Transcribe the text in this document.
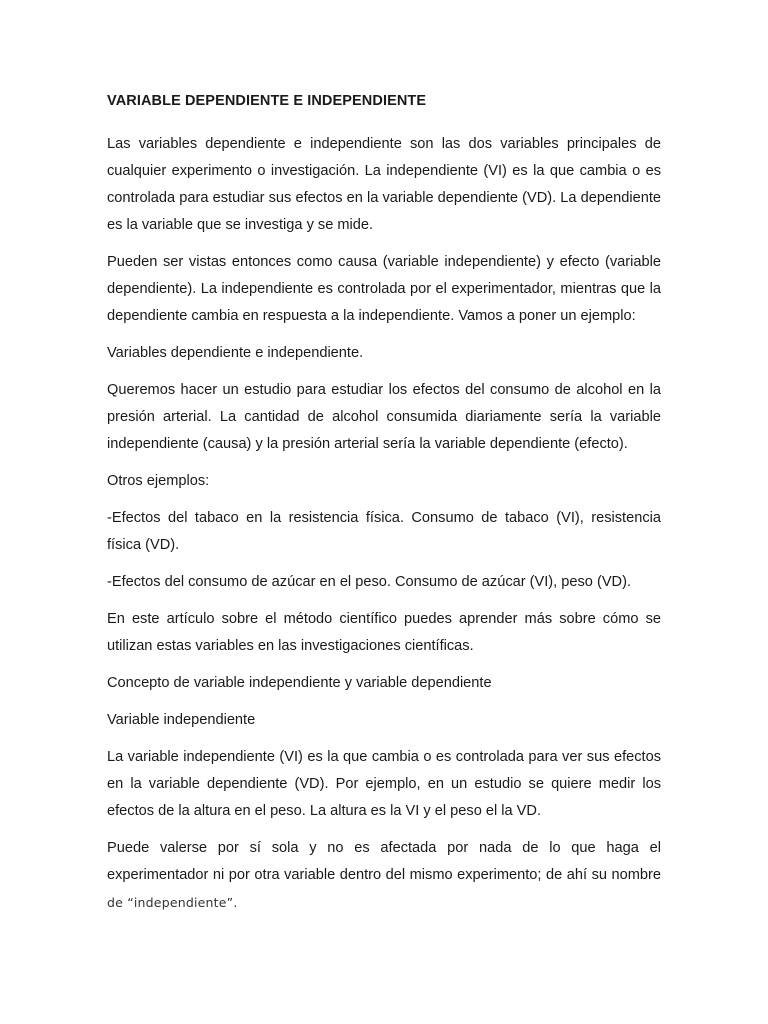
VARIABLE DEPENDIENTE E INDEPENDIENTE

Las variables dependiente e independiente son las dos variables principales de cualquier experimento o investigación. La independiente (VI) es la que cambia o es controlada para estudiar sus efectos en la variable dependiente (VD). La dependiente es la variable que se investiga y se mide.

Pueden ser vistas entonces como causa (variable independiente) y efecto (variable dependiente). La independiente es controlada por el experimentador, mientras que la dependiente cambia en respuesta a la independiente. Vamos a poner un ejemplo:

Variables dependiente e independiente.

Queremos hacer un estudio para estudiar los efectos del consumo de alcohol en la presión arterial. La cantidad de alcohol consumida diariamente sería la variable independiente (causa) y la presión arterial sería la variable dependiente (efecto).

Otros ejemplos:

-Efectos del tabaco en la resistencia física. Consumo de tabaco (VI), resistencia física (VD).

-Efectos del consumo de azúcar en el peso. Consumo de azúcar (VI), peso (VD).

En este artículo sobre el método científico puedes aprender más sobre cómo se utilizan estas variables en las investigaciones científicas.

Concepto de variable independiente y variable dependiente

Variable independiente

La variable independiente (VI) es la que cambia o es controlada para ver sus efectos en la variable dependiente (VD). Por ejemplo, en un estudio se quiere medir los efectos de la altura en el peso. La altura es la VI y el peso el la VD.

Puede valerse por sí sola y no es afectada por nada de lo que haga el experimentador ni por otra variable dentro del mismo experimento; de ahí su nombre de “independiente”.
